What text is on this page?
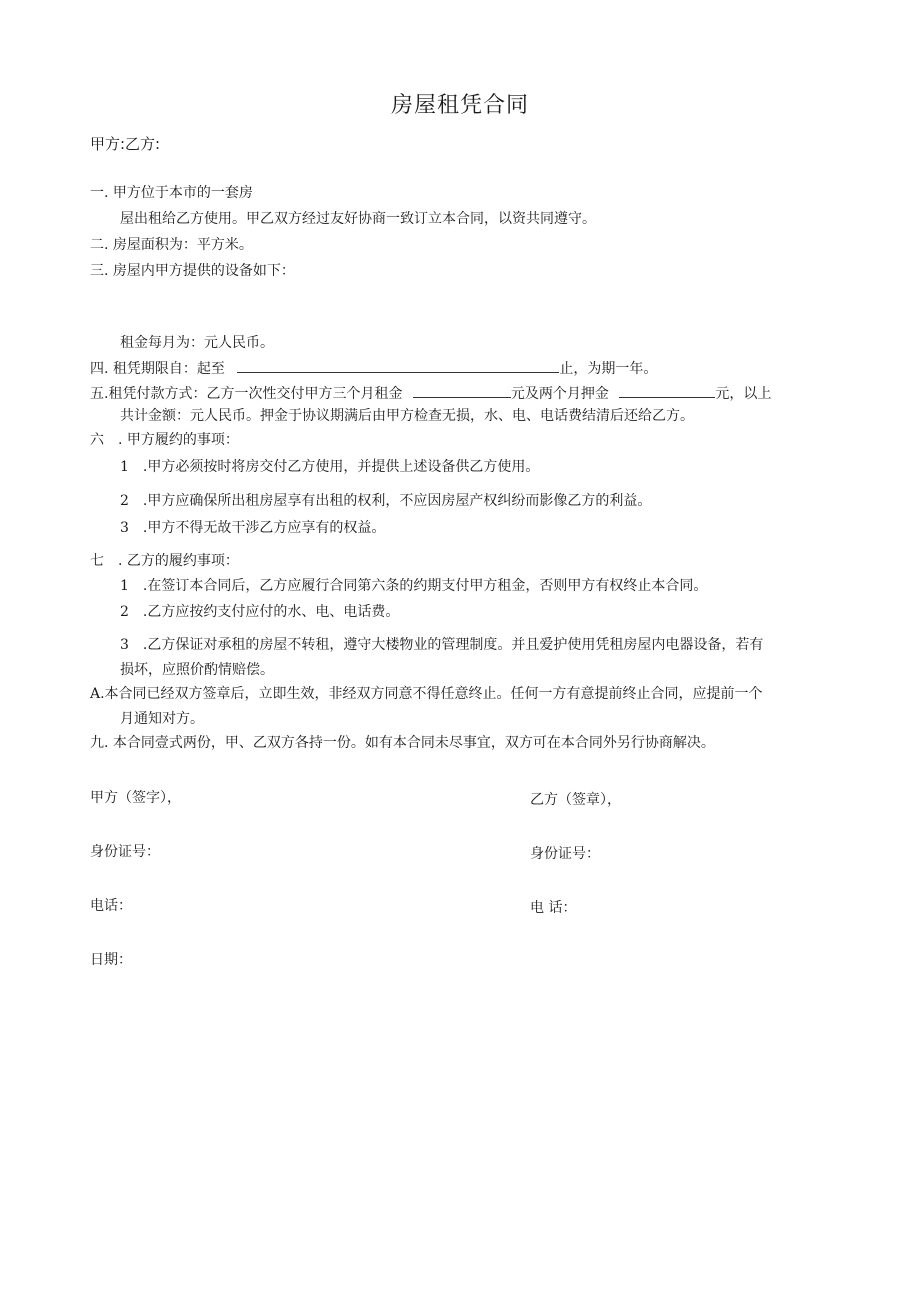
房屋租凭合同
甲方:乙方:
一. 甲方位于本市的一套房
屋出租给乙方使用。甲乙双方经过友好协商一致订立本合同，以资共同遵守。
二. 房屋面积为：平方米。
三. 房屋内甲方提供的设备如下：
租金每月为：元人民币。
四. 租凭期限自：起至	止，为期一年。
五.租凭付款方式：乙方一次性交付甲方三个月租金	元及两个月押金	元，以上
共计金额：元人民币。押金于协议期满后由甲方检查无损，水、电、电话费结清后还给乙方。
六　. 甲方履约的事项：
1　.甲方必须按时将房交付乙方使用，并提供上述设备供乙方使用。
2　.甲方应确保所出租房屋享有出租的权利，不应因房屋产权纠纷而影像乙方的利益。
3　.甲方不得无故干涉乙方应享有的权益。
七　. 乙方的履约事项：
1　.在签订本合同后，乙方应履行合同第六条的约期支付甲方租金，否则甲方有权终止本合同。
2　.乙方应按约支付应付的水、电、电话费。
3　.乙方保证对承租的房屋不转租，遵守大楼物业的管理制度。并且爱护使用凭租房屋内电器设备，若有
损坏，应照价酌情赔偿。
A.本合同已经双方签章后，立即生效，非经双方同意不得任意终止。任何一方有意提前终止合同，应提前一个
月通知对方。
九. 本合同壹式两份，甲、乙双方各持一份。如有本合同未尽事宜，双方可在本合同外另行协商解决。
甲方（签字），	乙方（签章），
身份证号：	身份证号：
电话：	电 话：
日期：
